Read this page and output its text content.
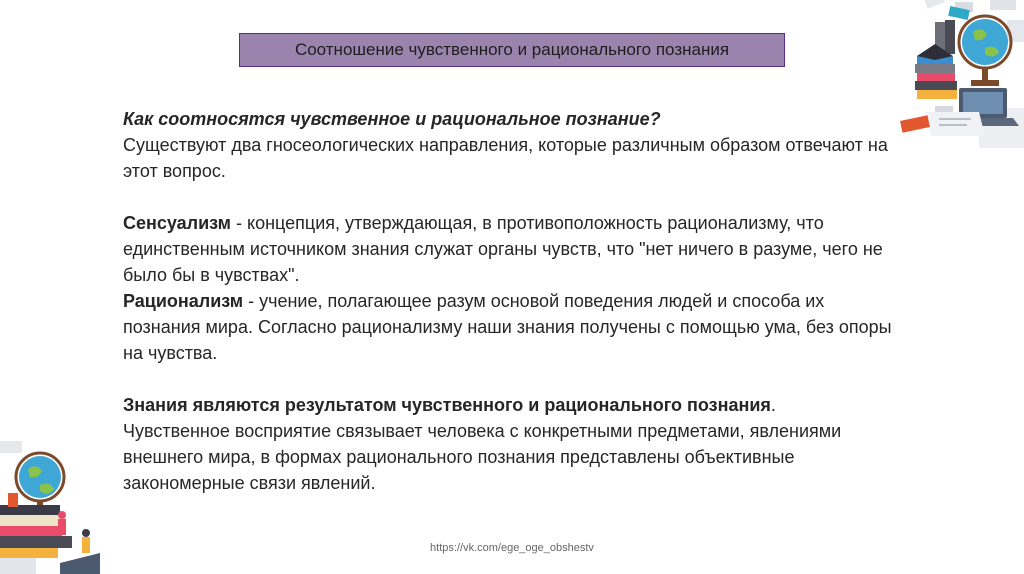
Соотношение чувственного и рационального познания

Как соотносятся чувственное и рациональное познание?

Существуют два гносеологических направления, которые различным образом отвечают на этот вопрос.

Сенсуализм - концепция, утверждающая, в противоположность рационализму, что единственным источником знания служат органы чувств, что "нет ничего в разуме, чего не было бы в чувствах".

Рационализм - учение, полагающее разум основой поведения людей и способа их познания мира. Согласно рационализму наши знания получены с помощью ума, без опоры на чувства.

Знания являются результатом чувственного и рационального познания.

Чувственное восприятие связывает человека с конкретными предметами, явлениями внешнего мира, в формах рационального познания представлены объективные закономерные связи явлений.

https://vk.com/ege_oge_obshestv
